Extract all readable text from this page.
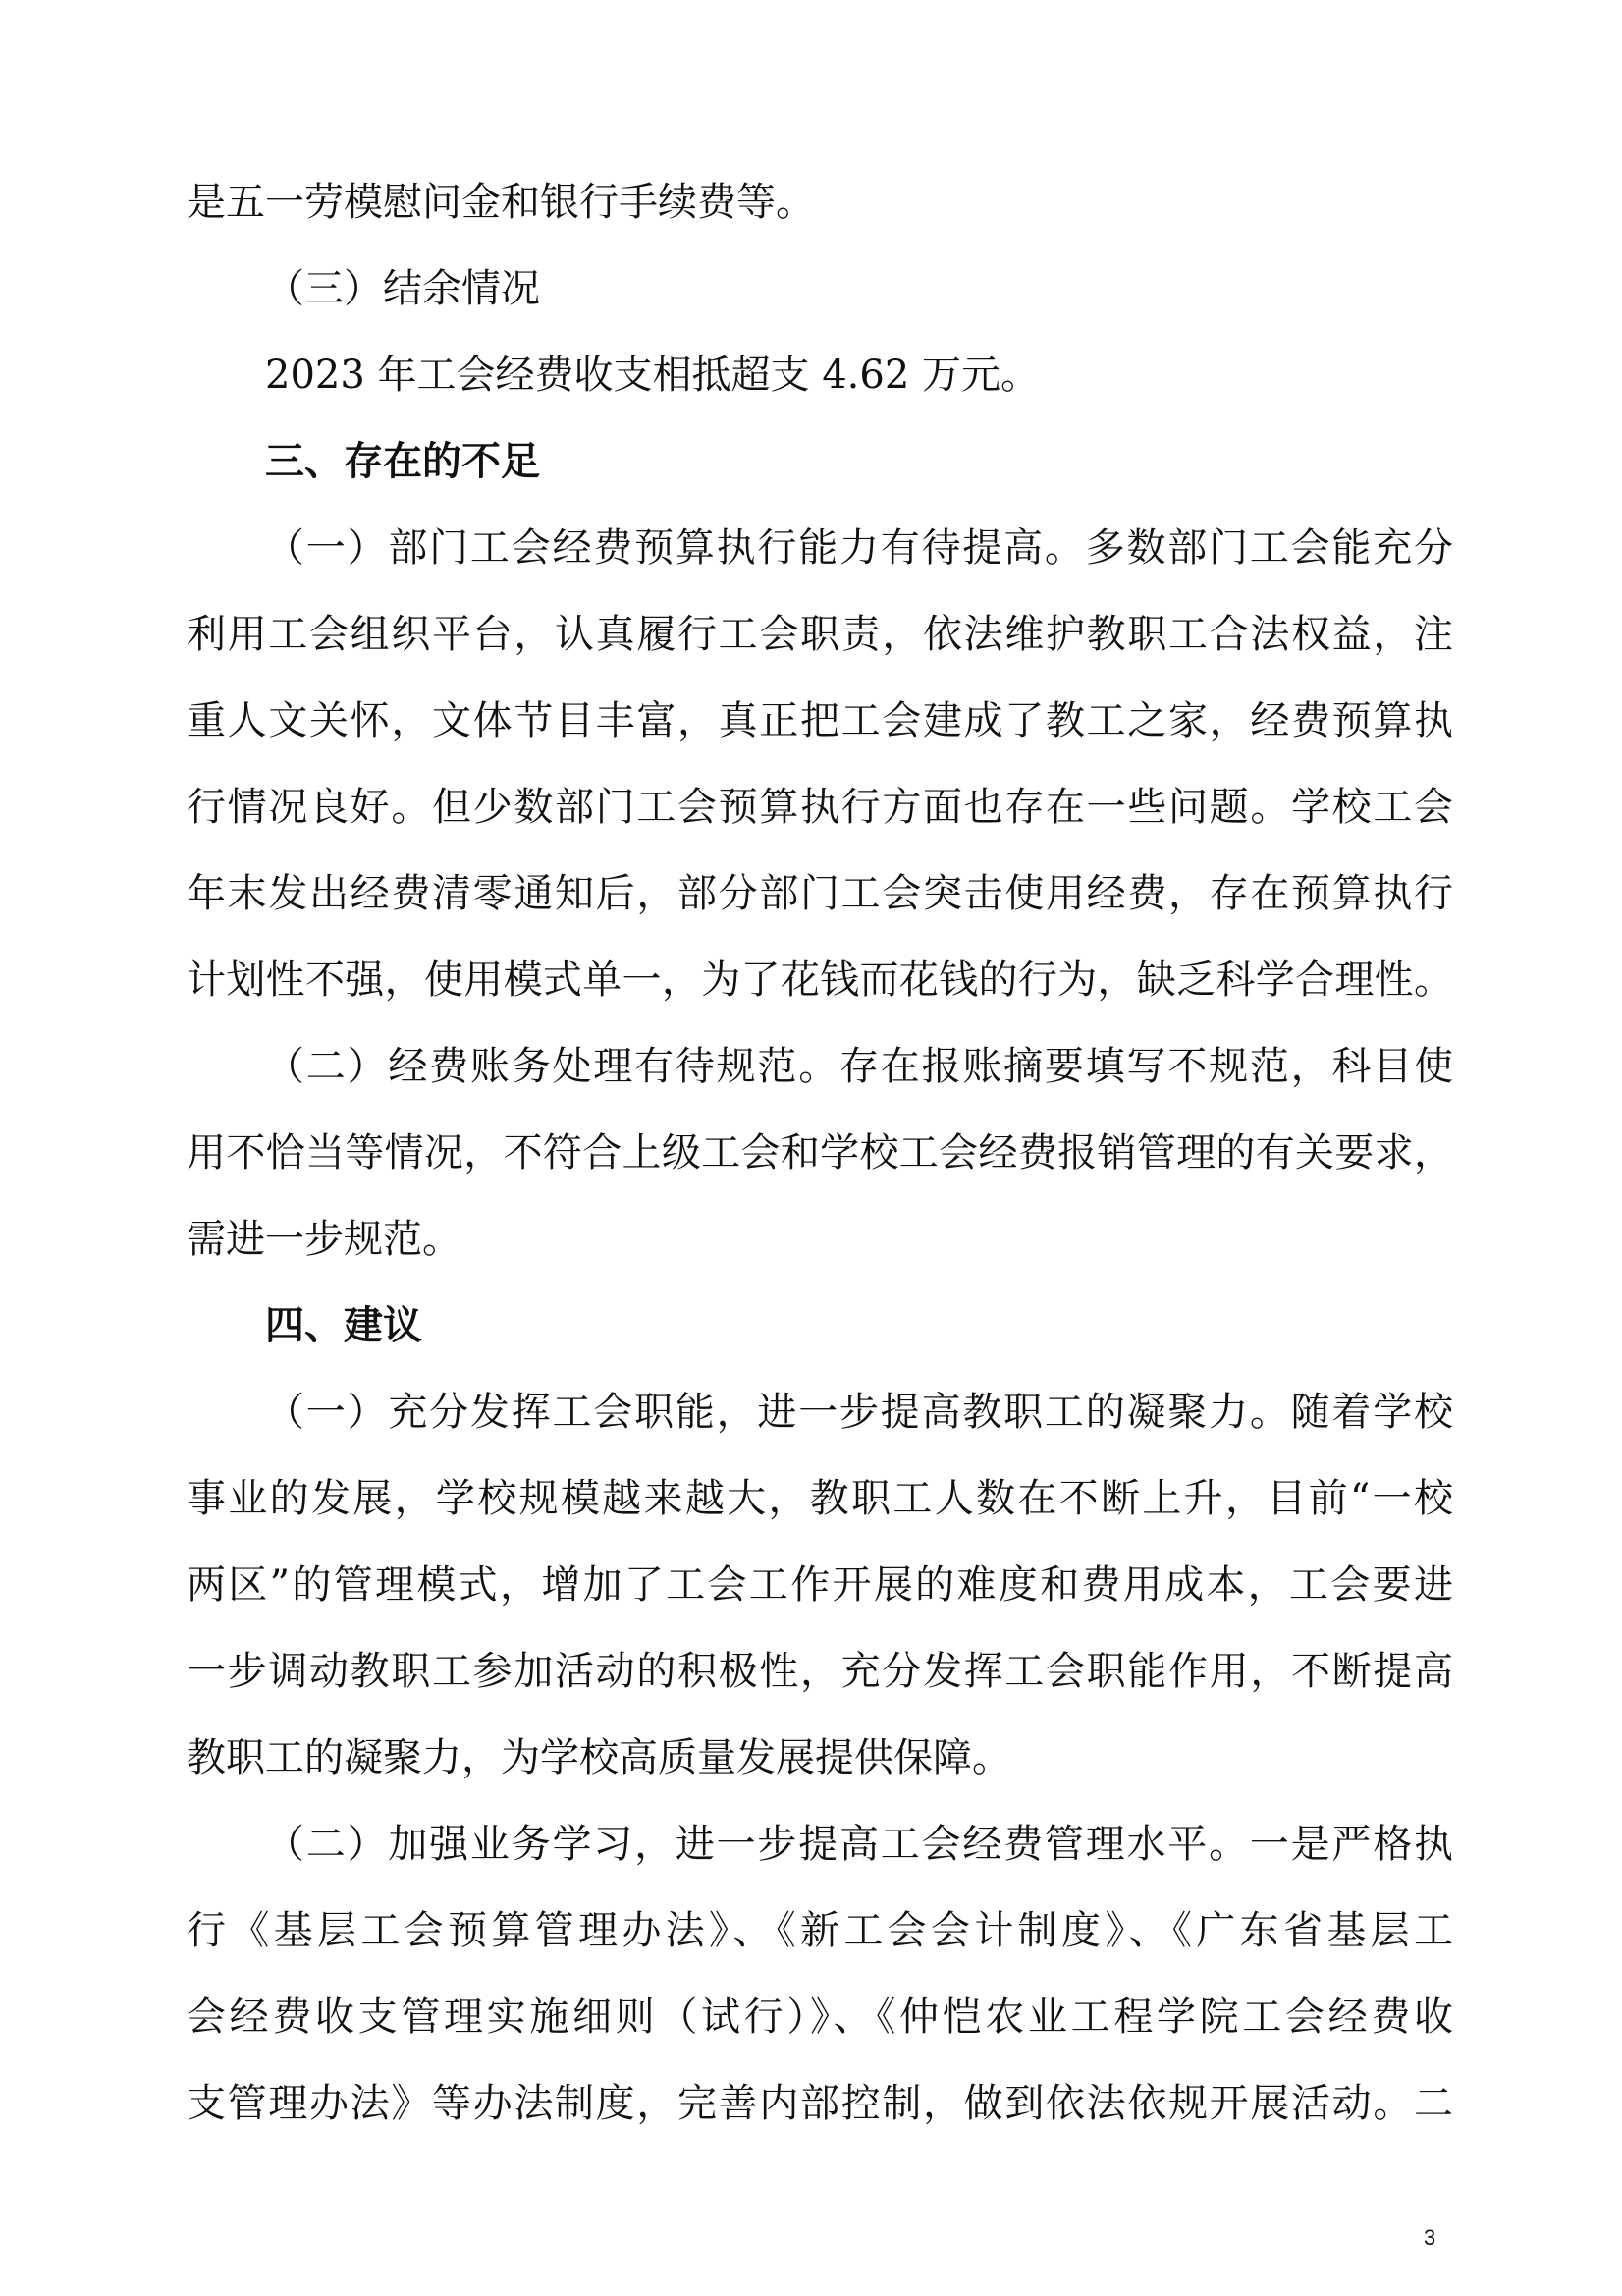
是五一劳模慰问金和银行手续费等。
（三）结余情况
2023 年工会经费收支相抵超支 4.62 万元。
三、存在的不足
（一）部门工会经费预算执行能力有待提高。多数部门工会能充分
利用工会组织平台，认真履行工会职责，依法维护教职工合法权益，注
重人文关怀，文体节目丰富，真正把工会建成了教工之家，经费预算执
行情况良好。但少数部门工会预算执行方面也存在一些问题。学校工会
年末发出经费清零通知后，部分部门工会突击使用经费，存在预算执行
计划性不强，使用模式单一，为了花钱而花钱的行为，缺乏科学合理性。
（二）经费账务处理有待规范。存在报账摘要填写不规范，科目使
用不恰当等情况，不符合上级工会和学校工会经费报销管理的有关要求，
需进一步规范。
四、建议
（一）充分发挥工会职能，进一步提高教职工的凝聚力。随着学校
事业的发展，学校规模越来越大，教职工人数在不断上升，目前“一校
两区”的管理模式，增加了工会工作开展的难度和费用成本，工会要进
一步调动教职工参加活动的积极性，充分发挥工会职能作用，不断提高
教职工的凝聚力，为学校高质量发展提供保障。
（二）加强业务学习，进一步提高工会经费管理水平。一是严格执
行《基层工会预算管理办法》、《新工会会计制度》、《广东省基层工
会经费收支管理实施细则（试行）》、《仲恺农业工程学院工会经费收
支管理办法》等办法制度，完善内部控制，做到依法依规开展活动。二
3
